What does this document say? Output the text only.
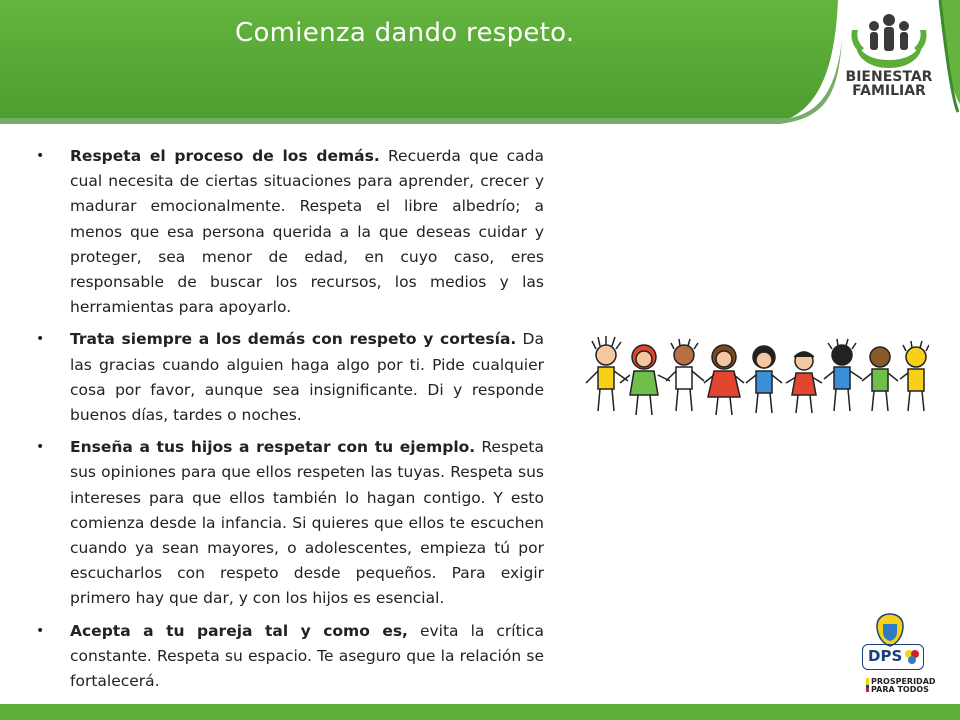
Comienza dando respeto.
BIENESTAR
FAMILIAR
• Respeta el proceso de los demás. Recuerda que cada cual necesita de ciertas situaciones para aprender, crecer y madurar emocionalmente. Respeta el libre albedrío; a menos que esa persona querida a la que deseas cuidar y proteger, sea menor de edad, en cuyo caso, eres responsable de buscar los recursos, los medios y las herramientas para apoyarlo.
• Trata siempre a los demás con respeto y cortesía. Da las gracias cuando alguien haga algo por ti. Pide cualquier cosa por favor, aunque sea insignificante. Di y responde buenos días, tardes o noches.
• Enseña a tus hijos a respetar con tu ejemplo. Respeta sus opiniones para que ellos respeten las tuyas. Respeta sus intereses para que ellos también lo hagan contigo. Y esto comienza desde la infancia. Si quieres que ellos te escuchen cuando ya sean mayores, o adolescentes, empieza tú por escucharlos con respeto desde pequeños. Para exigir primero hay que dar, y con los hijos es esencial.
• Acepta a tu pareja tal y como es, evita la crítica constante. Respeta su espacio. Te aseguro que la relación se fortalecerá.
DPS
PROSPERIDAD
PARA TODOS
